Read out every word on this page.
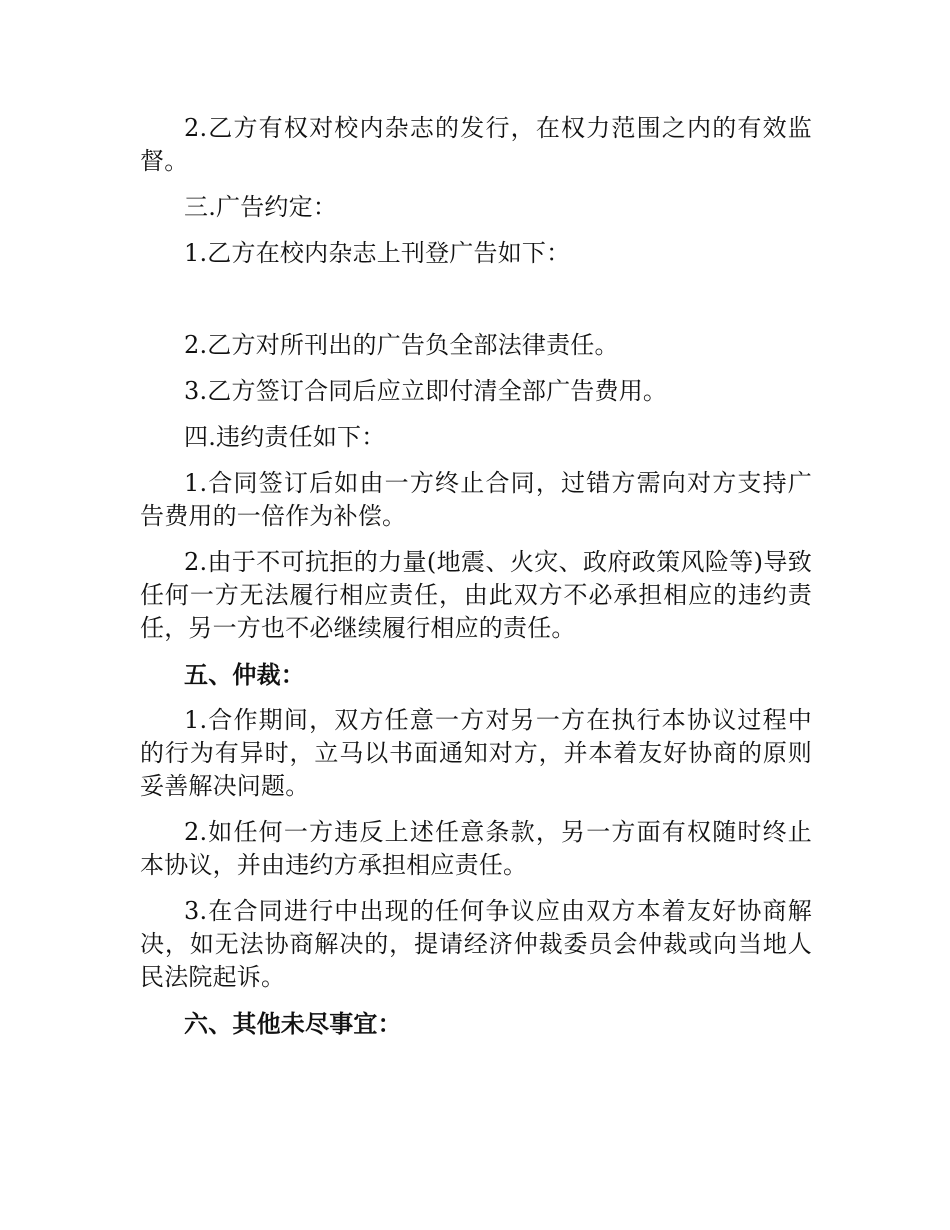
2.乙方有权对校内杂志的发行，在权力范围之内的有效监督。

三.广告约定：

1.乙方在校内杂志上刊登广告如下：

2.乙方对所刊出的广告负全部法律责任。

3.乙方签订合同后应立即付清全部广告费用。

四.违约责任如下：

1.合同签订后如由一方终止合同，过错方需向对方支持广告费用的一倍作为补偿。

2.由于不可抗拒的力量(地震、火灾、政府政策风险等)导致任何一方无法履行相应责任，由此双方不必承担相应的违约责任，另一方也不必继续履行相应的责任。

五、仲裁：

1.合作期间，双方任意一方对另一方在执行本协议过程中的行为有异时，立马以书面通知对方，并本着友好协商的原则妥善解决问题。

2.如任何一方违反上述任意条款，另一方面有权随时终止本协议，并由违约方承担相应责任。

3.在合同进行中出现的任何争议应由双方本着友好协商解决，如无法协商解决的，提请经济仲裁委员会仲裁或向当地人民法院起诉。

六、其他未尽事宜：
